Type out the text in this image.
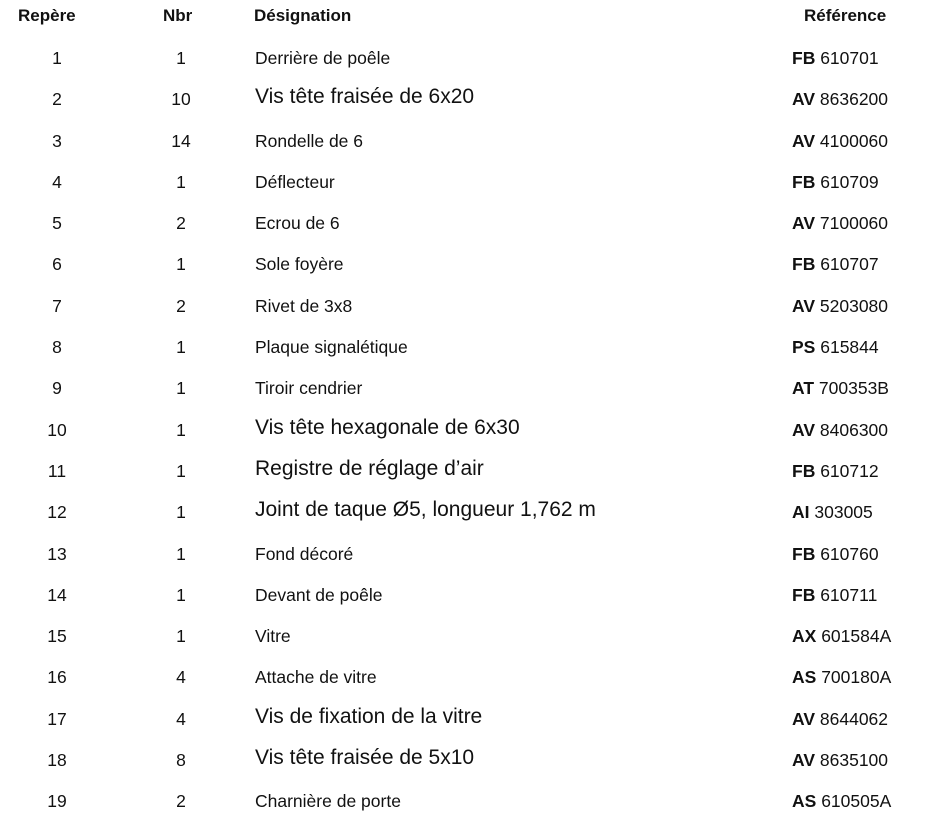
Repère	Nbr	Désignation	Référence
1	1	Derrière de poêle	FB 610701
2	10	Vis tête fraisée de 6x20	AV 8636200
3	14	Rondelle de 6	AV 4100060
4	1	Déflecteur	FB 610709
5	2	Ecrou de 6	AV 7100060
6	1	Sole foyère	FB 610707
7	2	Rivet de 3x8	AV 5203080
8	1	Plaque signalétique	PS 615844
9	1	Tiroir cendrier	AT 700353B
10	1	Vis tête hexagonale de 6x30	AV 8406300
11	1	Registre de réglage d’air	FB 610712
12	1	Joint de taque Ø5, longueur 1,762 m	AI 303005
13	1	Fond décoré	FB 610760
14	1	Devant de poêle	FB 610711
15	1	Vitre	AX 601584A
16	4	Attache de vitre	AS 700180A
17	4	Vis de fixation de la vitre	AV 8644062
18	8	Vis tête fraisée de 5x10	AV 8635100
19	2	Charnière de porte	AS 610505A
